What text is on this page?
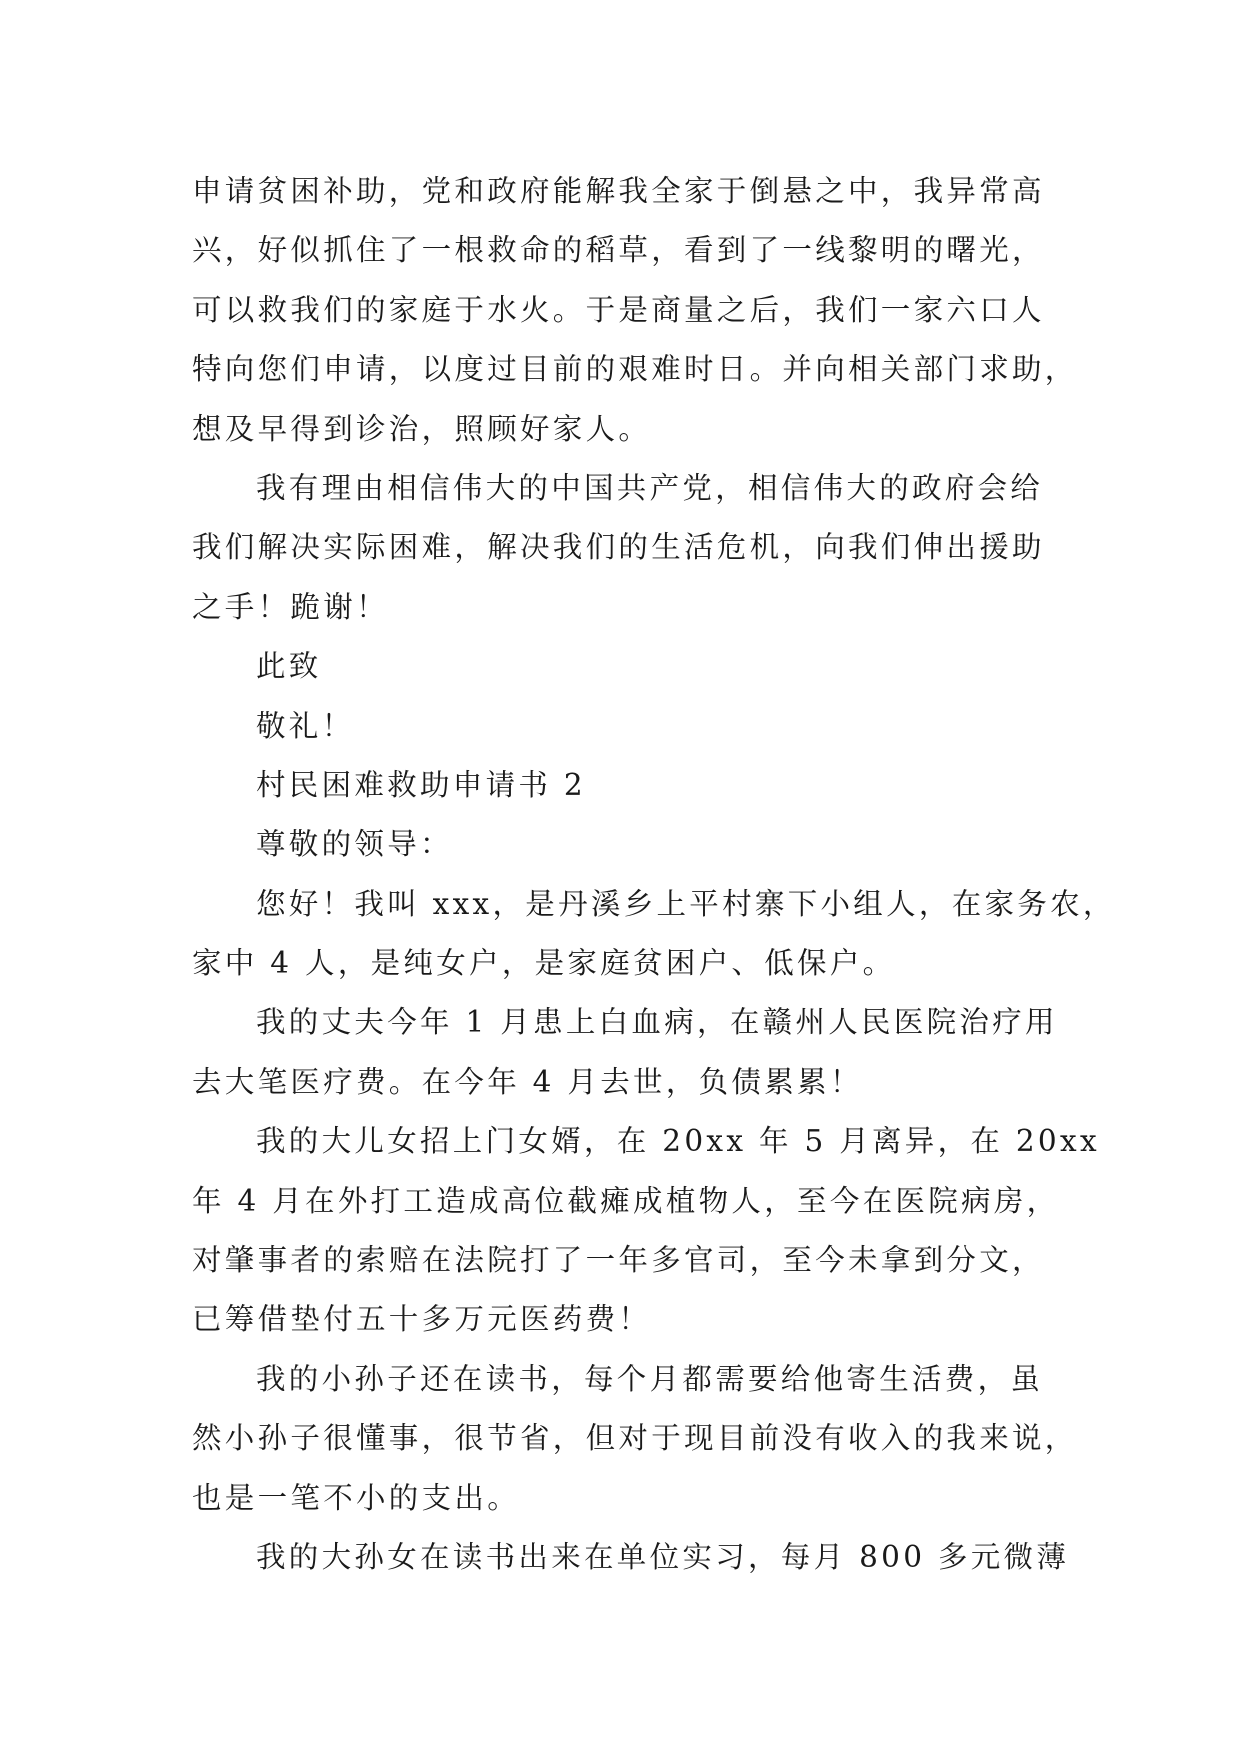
申请贫困补助，党和政府能解我全家于倒悬之中，我异常高
兴，好似抓住了一根救命的稻草，看到了一线黎明的曙光，
可以救我们的家庭于水火。于是商量之后，我们一家六口人
特向您们申请，以度过目前的艰难时日。并向相关部门求助，
想及早得到诊治，照顾好家人。
我有理由相信伟大的中国共产党，相信伟大的政府会给
我们解决实际困难，解决我们的生活危机，向我们伸出援助
之手！跪谢！
此致
敬礼！
村民困难救助申请书 2
尊敬的领导：
您好！我叫 xxx，是丹溪乡上平村寨下小组人，在家务农，
家中 4 人，是纯女户，是家庭贫困户、低保户。
我的丈夫今年 1 月患上白血病，在赣州人民医院治疗用
去大笔医疗费。在今年 4 月去世，负债累累！
我的大儿女招上门女婿，在 20xx 年 5 月离异，在 20xx
年 4 月在外打工造成高位截瘫成植物人，至今在医院病房，
对肇事者的索赔在法院打了一年多官司，至今未拿到分文，
已筹借垫付五十多万元医药费！
我的小孙子还在读书，每个月都需要给他寄生活费，虽
然小孙子很懂事，很节省，但对于现目前没有收入的我来说，
也是一笔不小的支出。
我的大孙女在读书出来在单位实习，每月 800 多元微薄
